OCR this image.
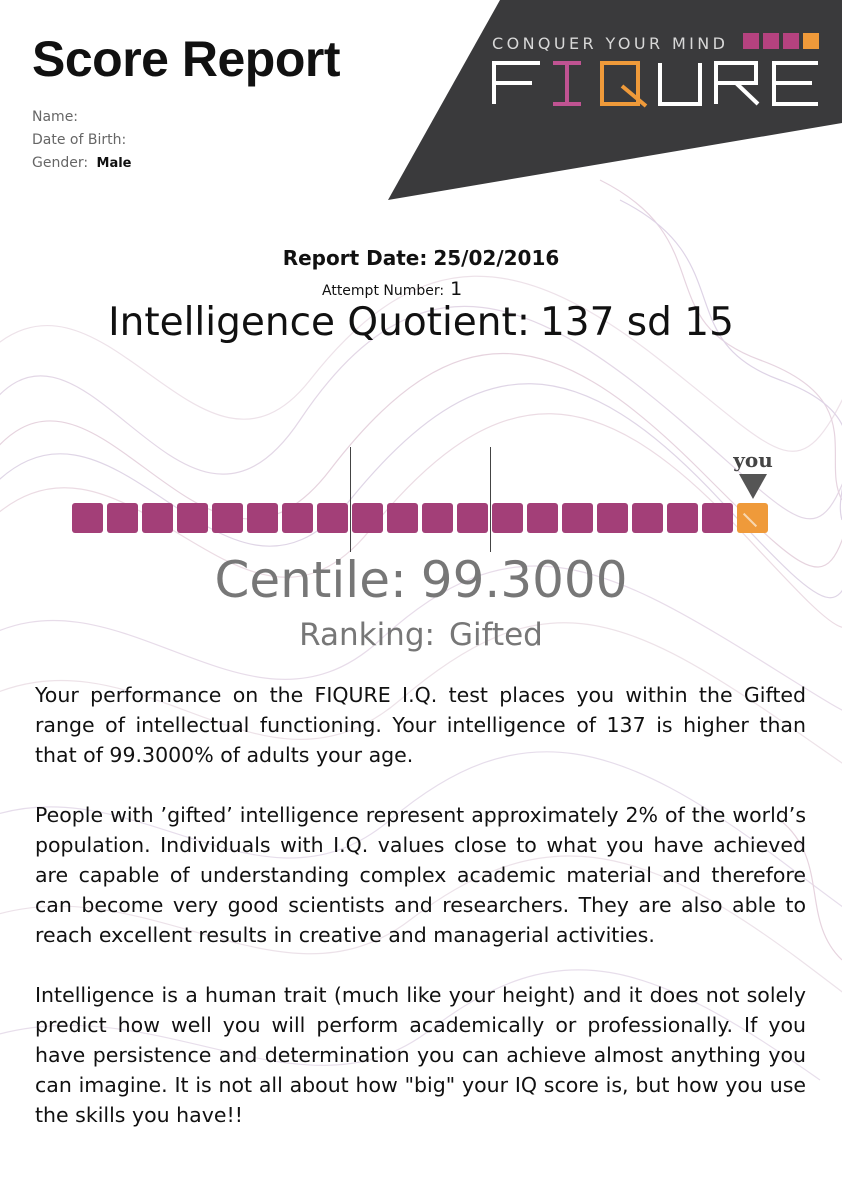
CONQUER YOUR MIND
Score Report
Name:
Date of Birth:
Gender: Male
Report Date: 25/02/2016
Attempt Number: 1
Intelligence Quotient: 137 sd 15
you
Centile: 99.3000
Ranking: Gifted

Your performance on the FIQURE I.Q. test places you within the Gifted range of intellectual functioning. Your intelligence of 137 is higher than that of 99.3000% of adults your age.

People with ’gifted’ intelligence represent approximately 2% of the world’s population. Individuals with I.Q. values close to what you have achieved are capable of understanding complex academic material and therefore can become very good scientists and researchers. They are also able to reach excellent results in creative and managerial activities.

Intelligence is a human trait (much like your height) and it does not solely predict how well you will perform academically or professionally. If you have persistence and determination you can achieve almost anything you can imagine. It is not all about how "big" your IQ score is, but how you use the skills you have!!
